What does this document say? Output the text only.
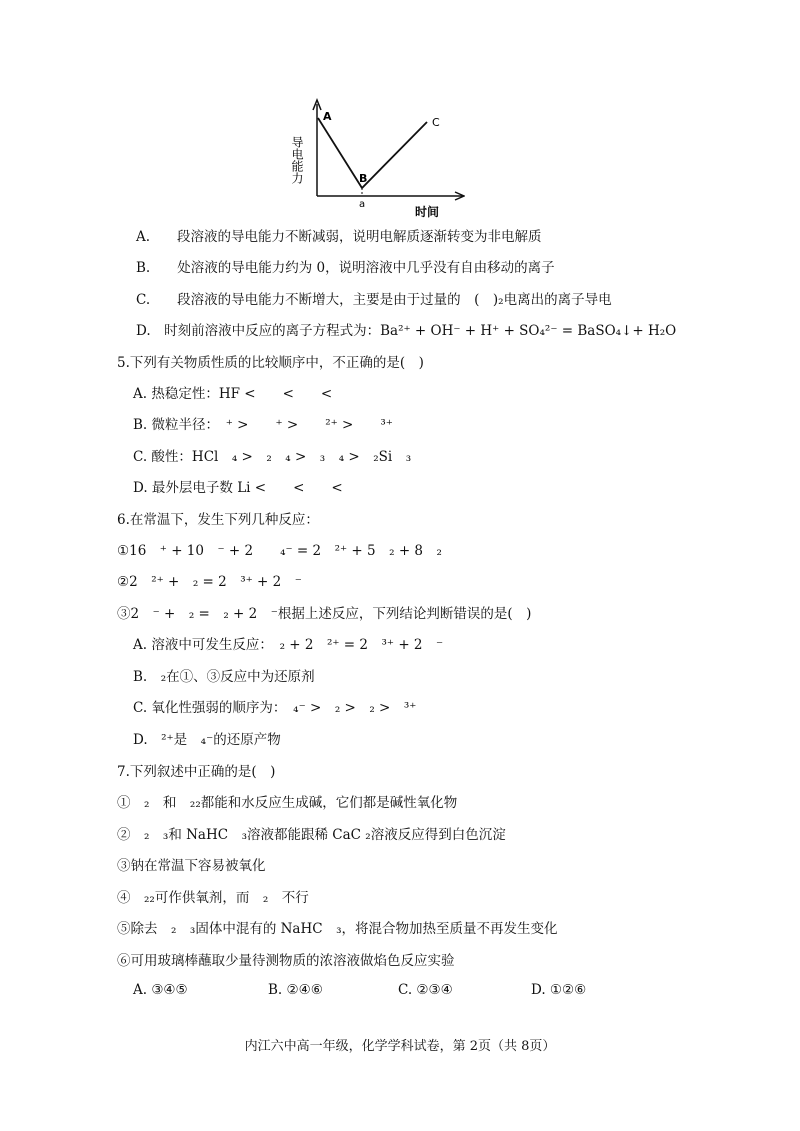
导电能力
A
B
C
a
时间
A.　　段溶液的导电能力不断减弱，说明电解质逐渐转变为非电解质
B.　　处溶液的导电能力约为 0，说明溶液中几乎没有自由移动的离子
C.　　段溶液的导电能力不断增大，主要是由于过量的　(　)₂电离出的离子导电
D.　时刻前溶液中反应的离子方程式为：Ba²⁺ + OH⁻ + H⁺ + SO₄²⁻ = BaSO₄↓+ H₂O
5.下列有关物质性质的比较顺序中，不正确的是(　)
A. 热稳定性：HF <　　<　　<
B. 微粒半径：　⁺ >　　⁺ >　　²⁺ >　　³⁺
C. 酸性：HCl　₄ >　₂　₄ >　₃　₄ >　₂Si　₃
D. 最外层电子数 Li <　　<　　<
6.在常温下，发生下列几种反应：
①16　⁺ + 10　⁻ + 2　　₄⁻ = 2　²⁺ + 5　₂ + 8　₂
②2　²⁺ +　₂ = 2　³⁺ + 2　⁻
③2　⁻ +　₂ =　₂ + 2　⁻根据上述反应，下列结论判断错误的是(　)
A. 溶液中可发生反应：　₂ + 2　²⁺ = 2　³⁺ + 2　⁻
B.　₂在①、③反应中为还原剂
C. 氧化性强弱的顺序为：　₄⁻ >　₂ >　₂ >　³⁺
D.　²⁺是　₄⁻的还原产物
7.下列叙述中正确的是(　)
①　₂　和　₂₂都能和水反应生成碱，它们都是碱性氧化物
②　₂　₃和 NaHC　₃溶液都能跟稀 CaC ₂溶液反应得到白色沉淀
③钠在常温下容易被氧化
④　₂₂可作供氧剂，而　₂　不行
⑤除去　₂　₃固体中混有的 NaHC　₃，将混合物加热至质量不再发生变化
⑥可用玻璃棒蘸取少量待测物质的浓溶液做焰色反应实验
A. ③④⑤	B. ②④⑥	C. ②③④	D. ①②⑥
内江六中高一年级，化学学科试卷，第 2页（共 8页）
